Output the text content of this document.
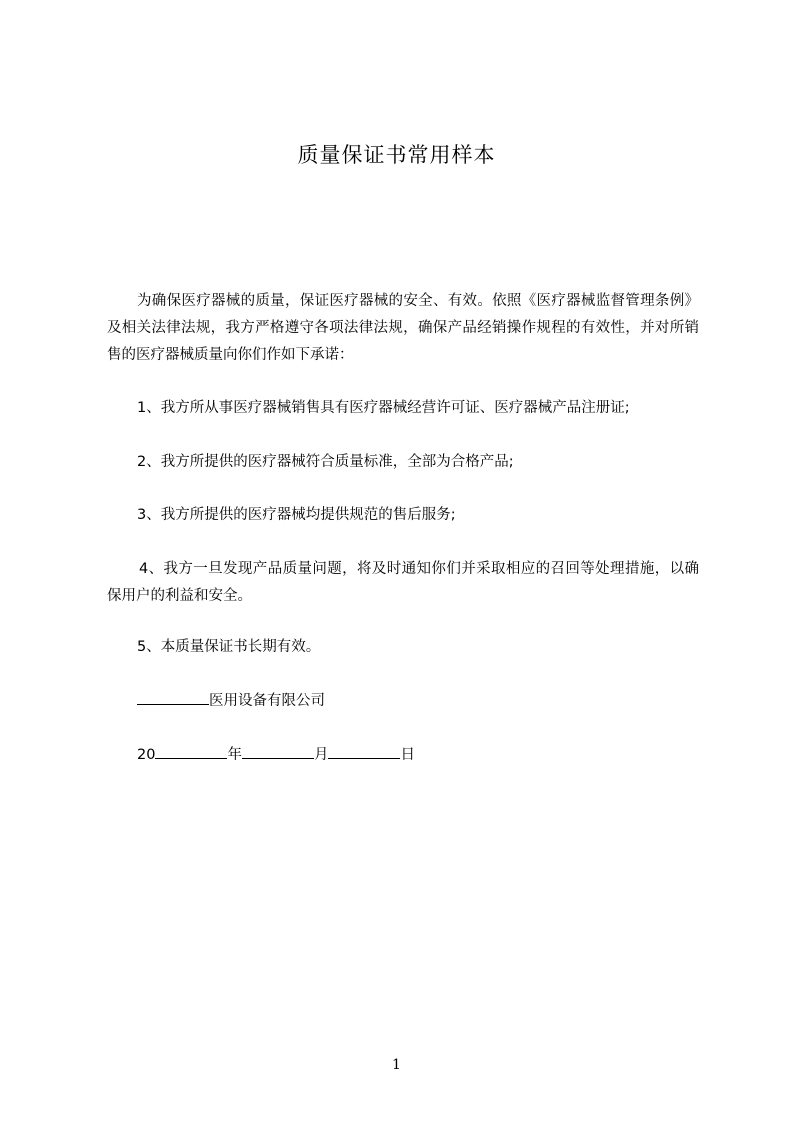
质量保证书常用样本
为确保医疗器械的质量，保证医疗器械的安全、有效。依照《医疗器械监督管理条例》及相关法律法规，我方严格遵守各项法律法规，确保产品经销操作规程的有效性，并对所销售的医疗器械质量向你们作如下承诺：
1、我方所从事医疗器械销售具有医疗器械经营许可证、医疗器械产品注册证;
2、我方所提供的医疗器械符合质量标准，全部为合格产品;
3、我方所提供的医疗器械均提供规范的售后服务;
4、我方一旦发现产品质量问题，将及时通知你们并采取相应的召回等处理措施，以确保用户的利益和安全。
5、本质量保证书长期有效。
医用设备有限公司
20	年	月	日
1
